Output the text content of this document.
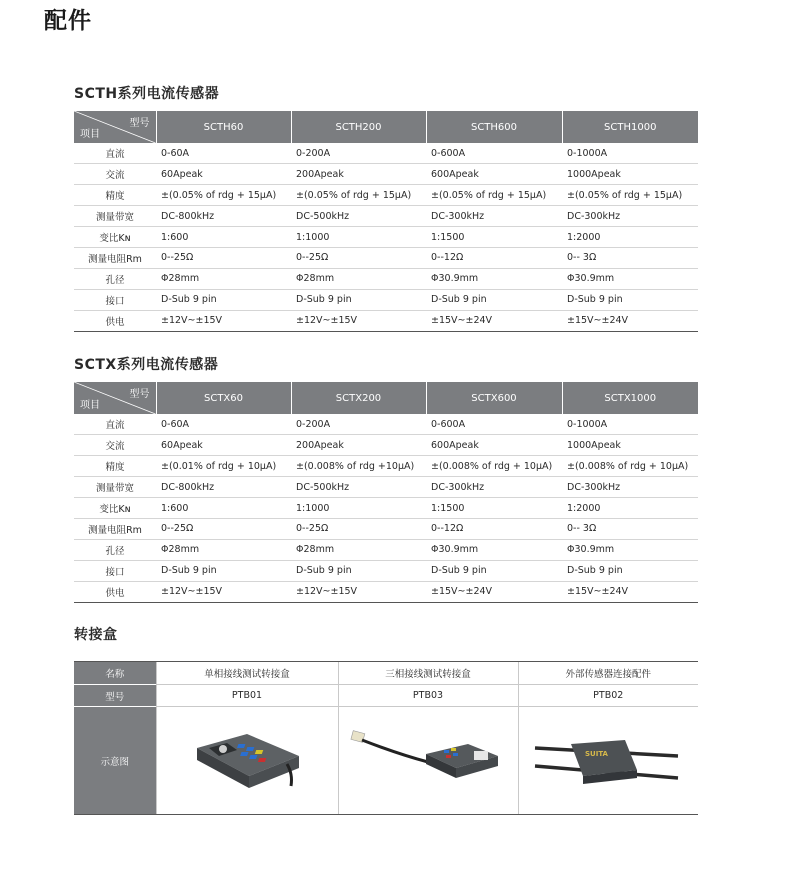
配件
SCTH系列电流传感器
型号
项目	SCTH60	SCTH200	SCTH600	SCTH1000
直流	0-60A	0-200A	0-600A	0-1000A
交流	60Apeak	200Apeak	600Apeak	1000Apeak
精度	±(0.05% of rdg + 15μA)	±(0.05% of rdg + 15μA)	±(0.05% of rdg + 15μA)	±(0.05% of rdg + 15μA)
测量带宽	DC-800kHz	DC-500kHz	DC-300kHz	DC-300kHz
变比Kɴ	1:600	1:1000	1:1500	1:2000
测量电阻Rm	0--25Ω	0--25Ω	0--12Ω	0-- 3Ω
孔径	Φ28mm	Φ28mm	Φ30.9mm	Φ30.9mm
接口	D-Sub 9 pin	D-Sub 9 pin	D-Sub 9 pin	D-Sub 9 pin
供电	±12V~±15V	±12V~±15V	±15V~±24V	±15V~±24V
SCTX系列电流传感器
型号
项目	SCTX60	SCTX200	SCTX600	SCTX1000
直流	0-60A	0-200A	0-600A	0-1000A
交流	60Apeak	200Apeak	600Apeak	1000Apeak
精度	±(0.01% of rdg + 10μA)	±(0.008% of rdg +10μA)	±(0.008% of rdg + 10μA)	±(0.008% of rdg + 10μA)
测量带宽	DC-800kHz	DC-500kHz	DC-300kHz	DC-300kHz
变比Kɴ	1:600	1:1000	1:1500	1:2000
测量电阻Rm	0--25Ω	0--25Ω	0--12Ω	0-- 3Ω
孔径	Φ28mm	Φ28mm	Φ30.9mm	Φ30.9mm
接口	D-Sub 9 pin	D-Sub 9 pin	D-Sub 9 pin	D-Sub 9 pin
供电	±12V~±15V	±12V~±15V	±15V~±24V	±15V~±24V
转接盒
名称	单相接线测试转接盒	三相接线测试转接盒	外部传感器连接配件
型号	PTB01	PTB03	PTB02
示意图			SUITA
